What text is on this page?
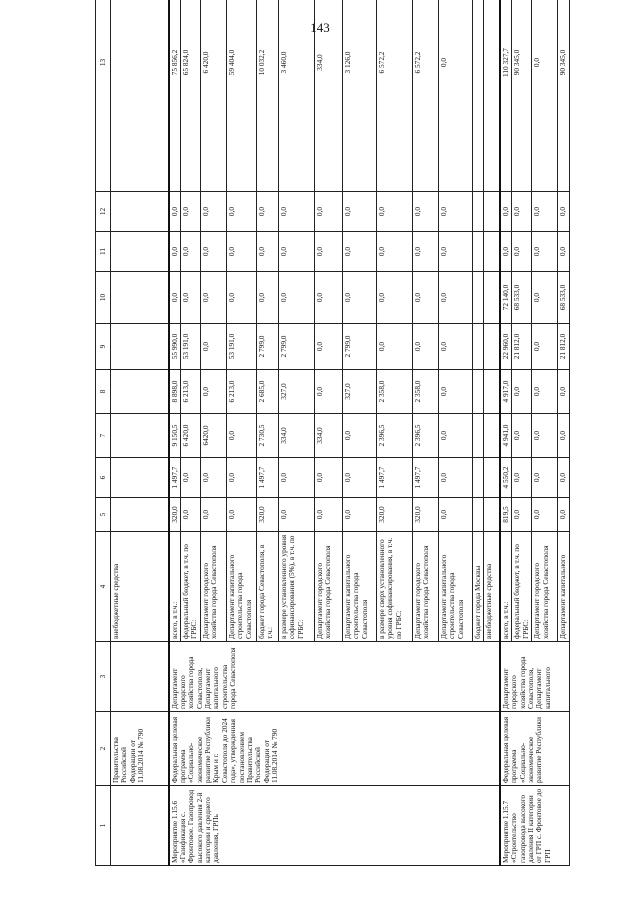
143
1	2	3	4	5	6	7	8	9	10	11	12	13
	Правительства Российской Федерации от 11.08.2014 № 790		внебюджетные средства									
Мероприятие 1.15.6 «Газификация с. Фронтовое. Газопровод высокого давления 2-й категории и среднего давления, ГРПь	Федеральная целевая программа «Социально-экономическое развитие Республики Крым и г. Севастополя до 2024 года», утвержденная постановлением Правительства Российской Федерации от 11.08.2014 № 790	Департамент городского хозяйства города Севастополя, Департамент капитального строительства города Севастополя	всего, в т.ч.:	320,0	1 497,7	9 150,5	8 898,0	55 990,0	0,0	0,0	0,0	75 856,2
			федеральный бюджет, в т.ч. по ГРБС:	0,0	0,0	6 420,0	6 213,0	53 191,0	0,0	0,0	0,0	65 824,0
			Департамент городского хозяйства города Севастополя	0,0	0,0	6420,0	0,0	0,0	0,0	0,0	0,0	6 420,0
			Департамент капитального строительства города Севастополя	0,0	0,0	0,0	6 213,0	53 191,0	0,0	0,0	0,0	59 404,0
			бюджет города Севастополя, в т.ч.:	320,0	1 497,7	2 730,5	2 685,0	2 799,0	0,0	0,0	0,0	10 032,2
			в размере установленного уровня софинансирования (5%), в т.ч. по ГРБС:	0,0	0,0	334,0	327,0	2 799,0	0,0	0,0	0,0	3 460,0
			Департамент городского хозяйства города Севастополя	0,0	0,0	334,0	0,0	0,0	0,0	0,0	0,0	334,0
			Департамент капитального строительства города Севастополя	0,0	0,0	0,0	327,0	2 799,0	0,0	0,0	0,0	3 126,0
			в размере сверх установленного уровня софинансирования, в т.ч. по ГРБС:	320,0	1 497,7	2 396,5	2 358,0	0,0	0,0	0,0	0,0	6 572,2
			Департамент городского хозяйства города Севастополя	320,0	1 497,7	2 396,5	2 358,0	0,0	0,0	0,0	0,0	6 572,2
			Департамент капитального строительства города Севастополя	0,0	0,0	0,0	0,0	0,0	0,0	0,0	0,0	0,0
			бюджет города Москвы									
			внебюджетные средства									
Мероприятие 1.15.7 «Строительство газопровода высокого давления II категории от ГРП с. Фронтовое до ГРП	Федеральная целевая программа «Социально-экономическое развитие Республики	Департамент городского хозяйства города Севастополя, Департамент капитального	всего, в т.ч.:	819,5	4 550,2	4 941,0	4 917,0	22 960,0	72 140,0	0,0	0,0	110 327,7
			федеральный бюджет, в т.ч. по ГРБС:	0,0	0,0	0,0	0,0	21 812,0	68 533,0	0,0	0,0	90 345,0
			Департамент городского хозяйства города Севастополя	0,0	0,0	0,0	0,0	0,0	0,0	0,0	0,0	0,0
			Департамент капитального	0,0	0,0	0,0	0,0	21 812,0	68 533,0	0,0	0,0	90 345,0
